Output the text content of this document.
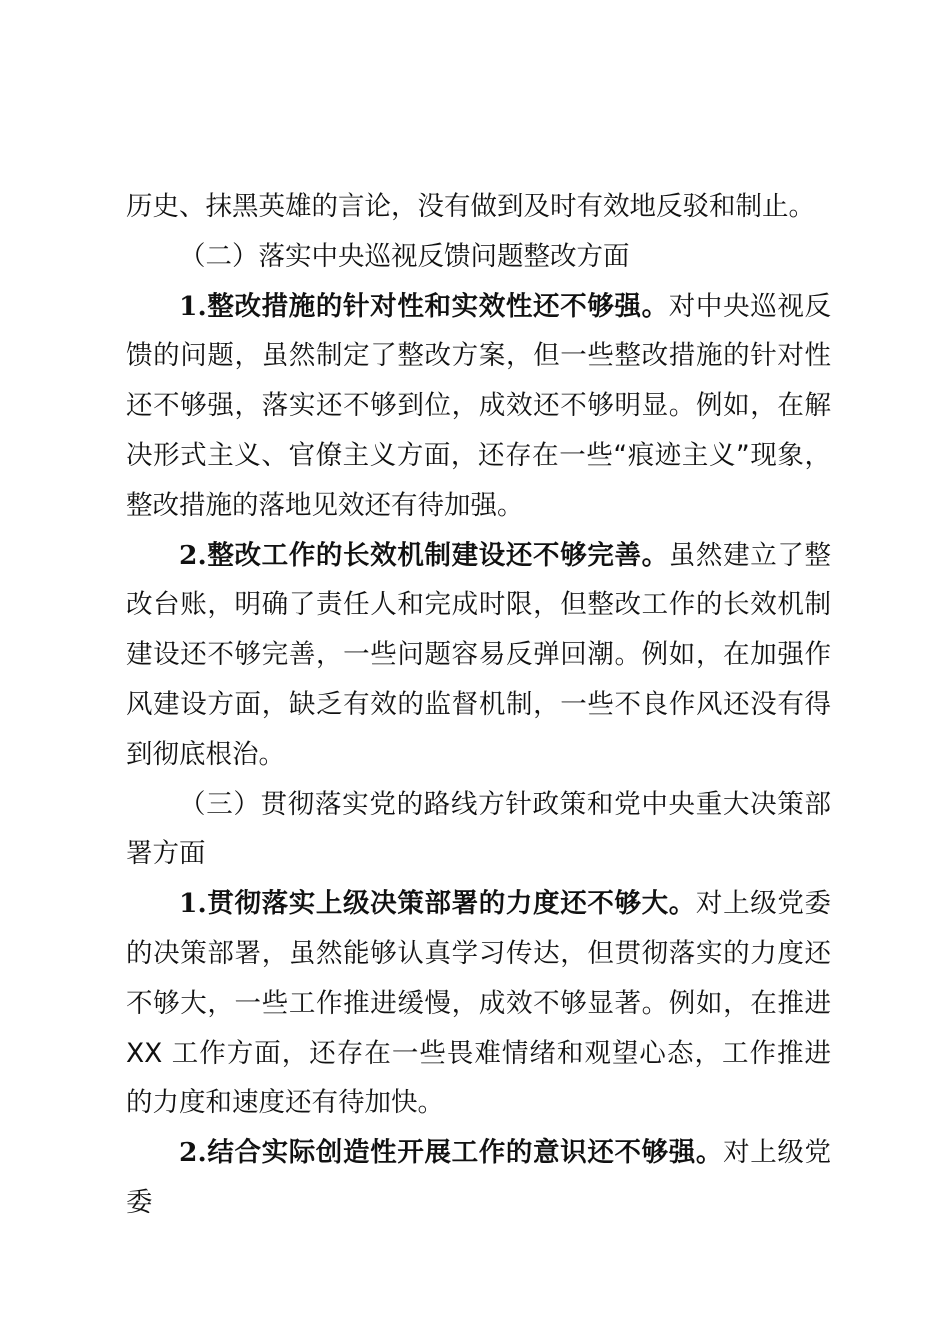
历史、抹黑英雄的言论，没有做到及时有效地反驳和制止。

（二）落实中央巡视反馈问题整改方面

1.整改措施的针对性和实效性还不够强。对中央巡视反馈的问题，虽然制定了整改方案，但一些整改措施的针对性还不够强，落实还不够到位，成效还不够明显。例如，在解决形式主义、官僚主义方面，还存在一些“痕迹主义”现象，整改措施的落地见效还有待加强。

2.整改工作的长效机制建设还不够完善。虽然建立了整改台账，明确了责任人和完成时限，但整改工作的长效机制建设还不够完善，一些问题容易反弹回潮。例如，在加强作风建设方面，缺乏有效的监督机制，一些不良作风还没有得到彻底根治。

（三）贯彻落实党的路线方针政策和党中央重大决策部署方面

1.贯彻落实上级决策部署的力度还不够大。对上级党委的决策部署，虽然能够认真学习传达，但贯彻落实的力度还不够大，一些工作推进缓慢，成效不够显著。例如，在推进 XX 工作方面，还存在一些畏难情绪和观望心态，工作推进的力度和速度还有待加快。

2.结合实际创造性开展工作的意识还不够强。对上级党委
